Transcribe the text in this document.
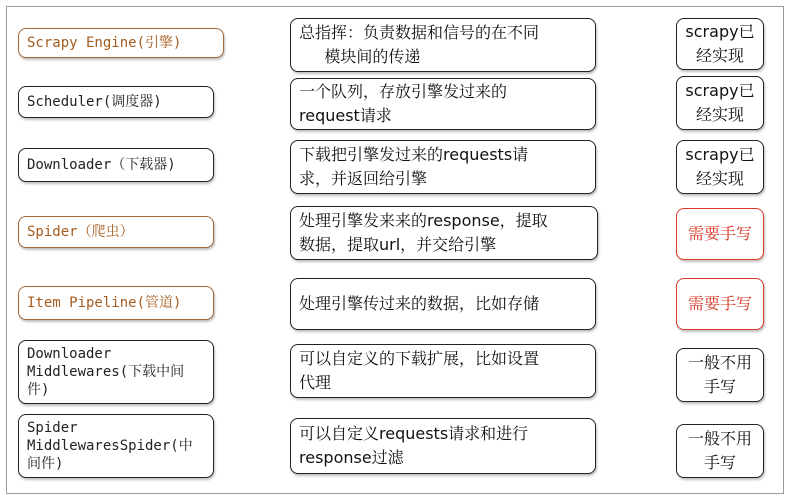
Scrapy Engine(引擎)
总指挥：负责数据和信号的在不同
模块间的传递
scrapy已
经实现
Scheduler(调度器)
一个队列，存放引擎发过来的
request请求
scrapy已
经实现
Downloader（下载器)
下载把引擎发过来的requests请
求，并返回给引擎
scrapy已
经实现
Spider（爬虫）
处理引擎发来来的response，提取
数据，提取url，并交给引擎
需要手写
Item Pipeline(管道)	处理引擎传过来的数据，比如存储	需要手写
Downloader
Middlewares(下载中间
件)
可以自定义的下载扩展，比如设置
代理
一般不用
手写
Spider
MiddlewaresSpider(中
间件)
可以自定义requests请求和进行
response过滤
一般不用
手写
